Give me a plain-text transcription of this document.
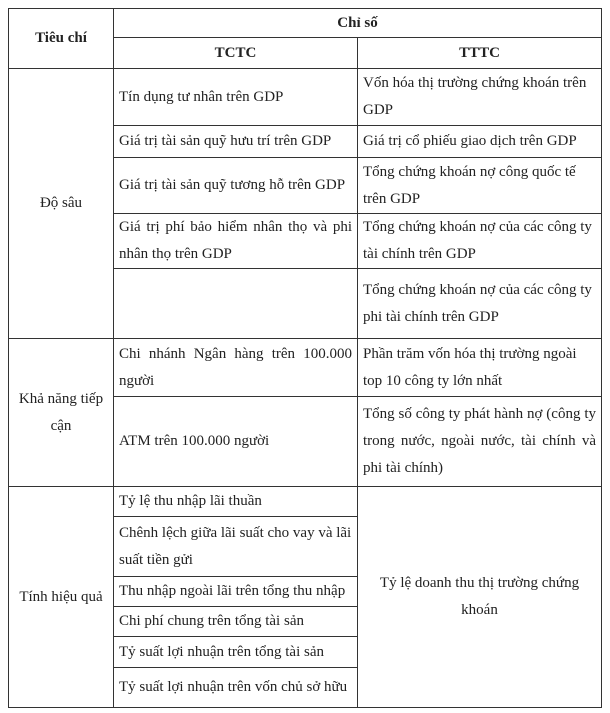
Tiêu chí	Chỉ số	
	TCTC	TTTC
Độ sâu	Tín dụng tư nhân trên GDP	Vốn hóa thị trường chứng khoán trên GDP
	Giá trị tài sản quỹ hưu trí trên GDP	Giá trị cổ phiếu giao dịch trên GDP
	Giá trị tài sản quỹ tương hỗ trên GDP	Tổng chứng khoán nợ công quốc tế trên GDP
	Giá trị phí bảo hiểm nhân thọ và phi nhân thọ trên GDP	Tổng chứng khoán nợ của các công ty tài chính trên GDP
		Tổng chứng khoán nợ của các công ty phi tài chính trên GDP
Khả năng tiếp cận	Chi nhánh Ngân hàng trên 100.000 người	Phần trăm vốn hóa thị trường ngoài top 10 công ty lớn nhất
	ATM trên 100.000 người	Tổng số công ty phát hành nợ (công ty trong nước, ngoài nước, tài chính và phi tài chính)
Tính hiệu quả	Tỷ lệ thu nhập lãi thuần	Tỷ lệ doanh thu thị trường chứng khoán
	Chênh lệch giữa lãi suất cho vay và lãi suất tiền gửi	
	Thu nhập ngoài lãi trên tổng thu nhập	
	Chi phí chung trên tổng tài sản	
	Tỷ suất lợi nhuận trên tổng tài sản	
	Tỷ suất lợi nhuận trên vốn chủ sở hữu	
